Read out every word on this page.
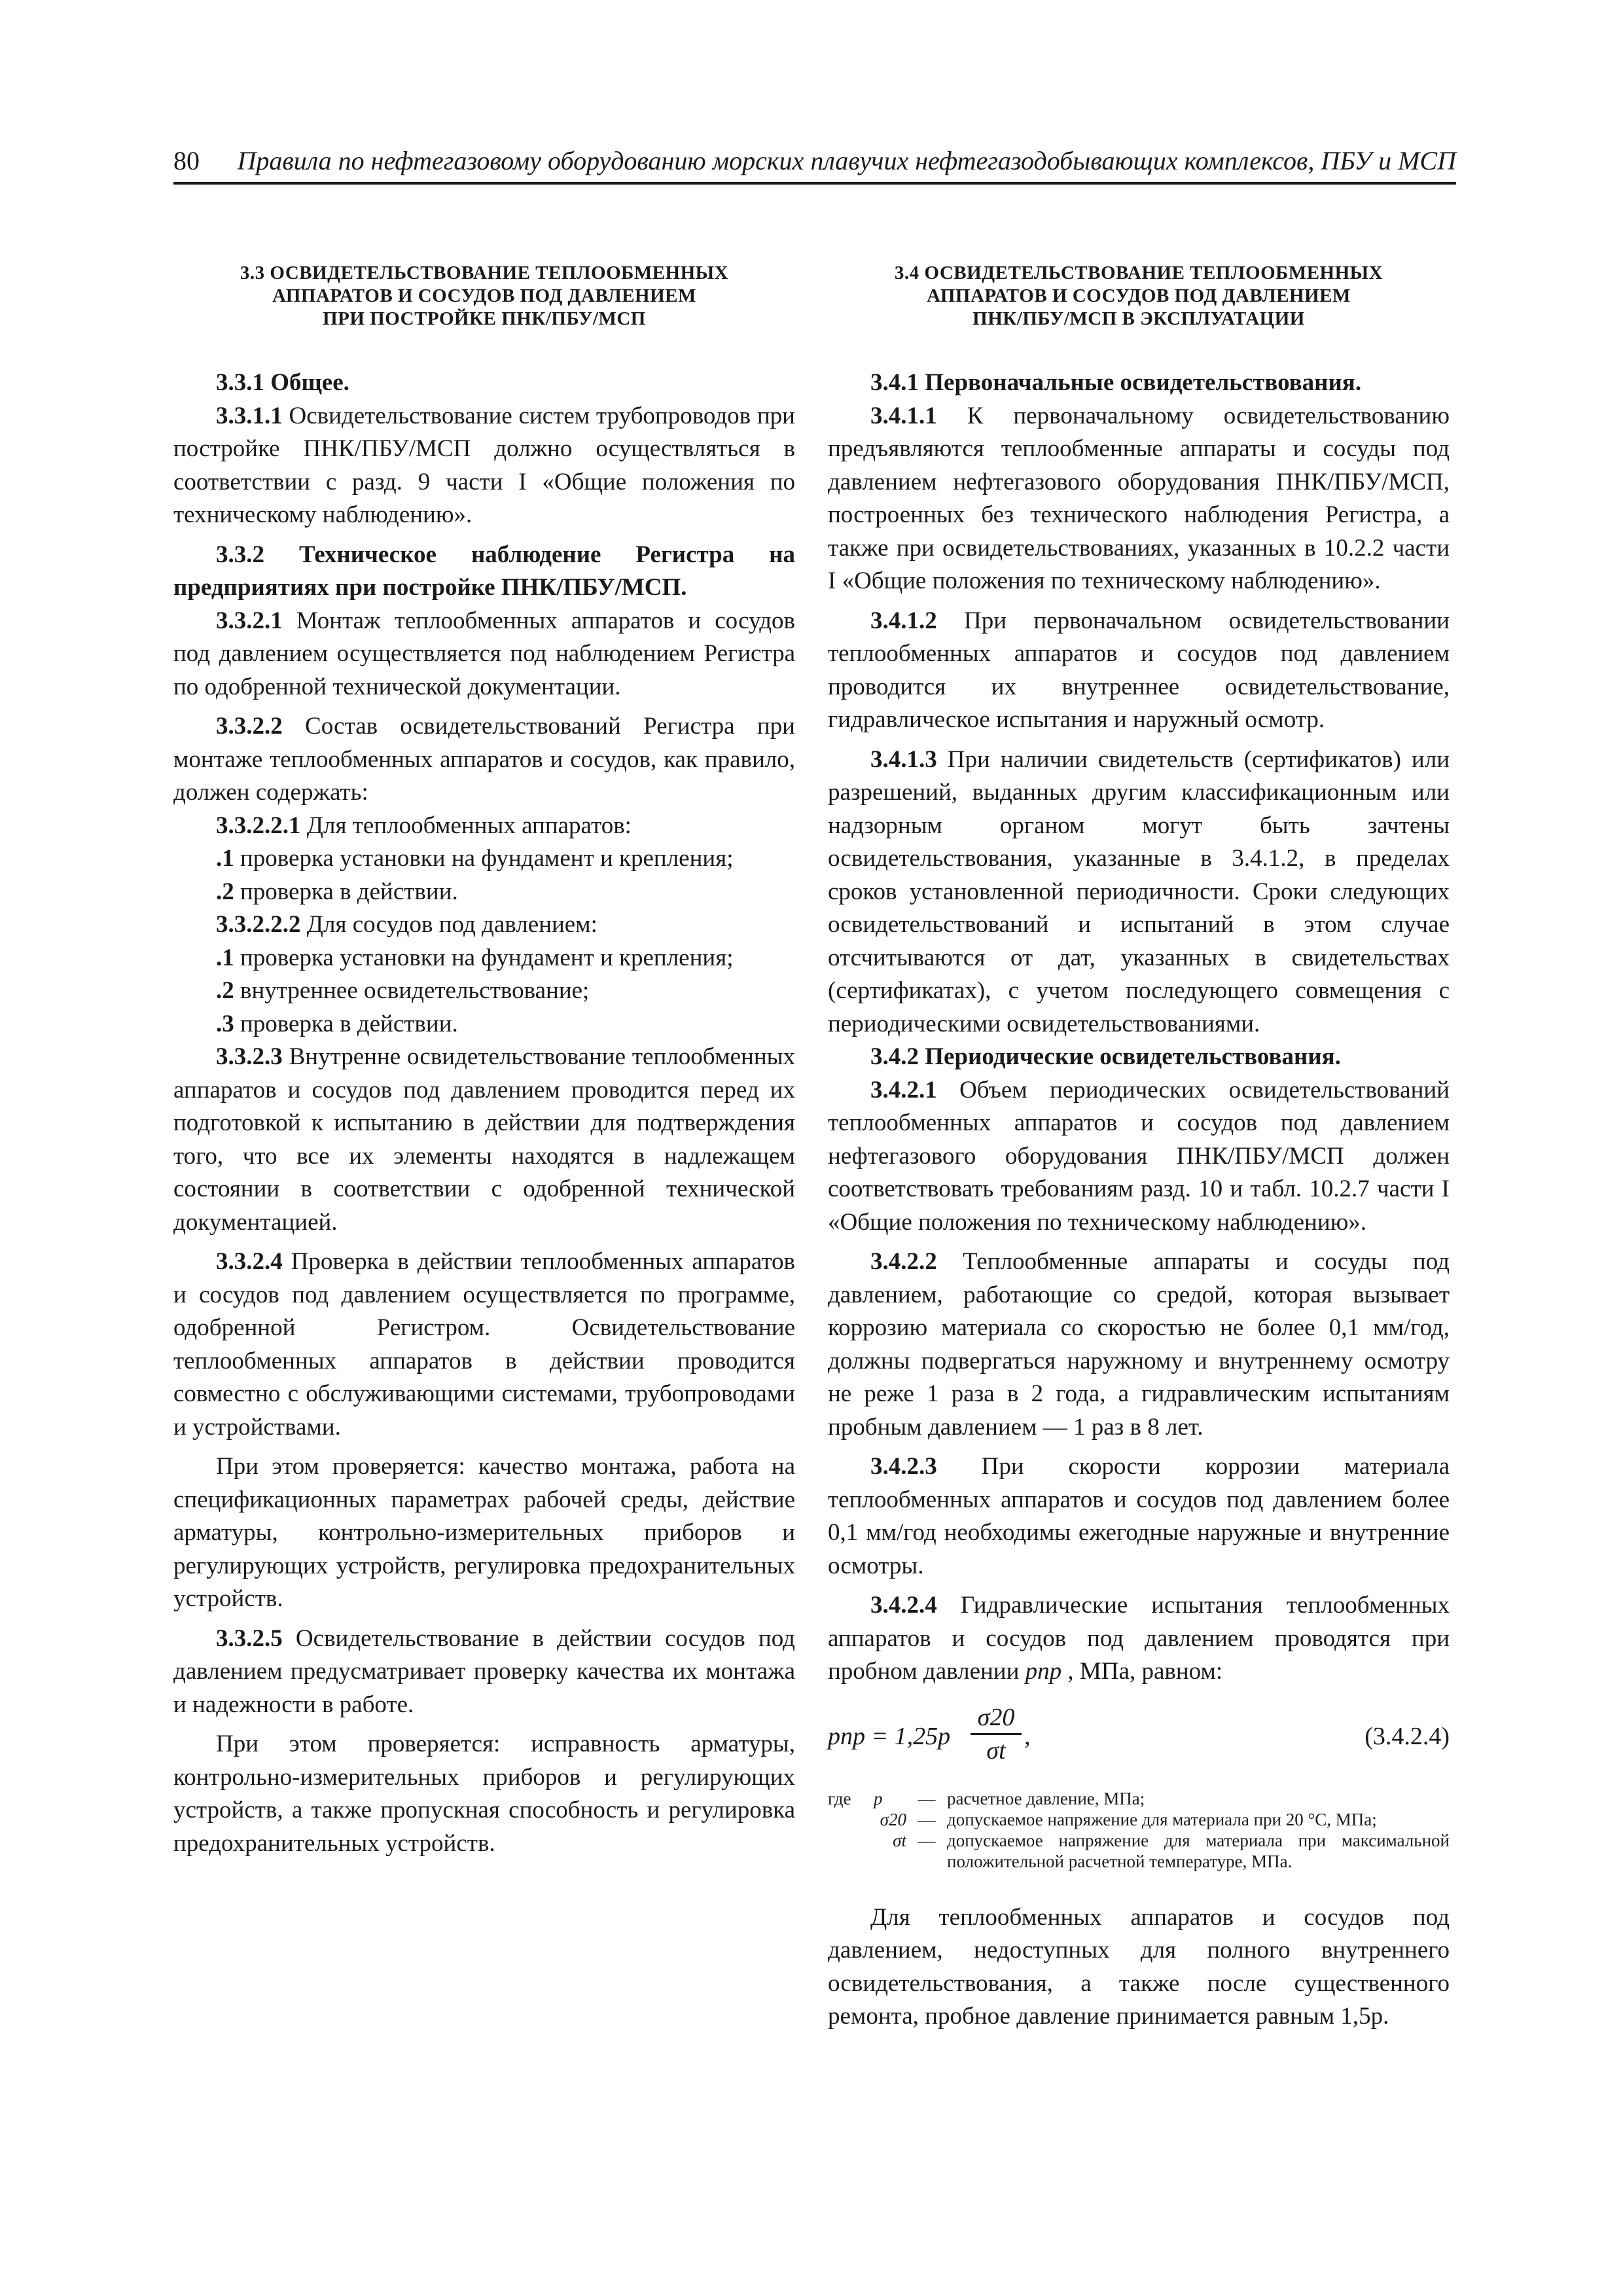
80 Правила по нефтегазовому оборудованию морских плавучих нефтегазодобывающих комплексов, ПБУ и МСП
3.3 ОСВИДЕТЕЛЬСТВОВАНИЕ ТЕПЛООБМЕННЫХ
АППАРАТОВ И СОСУДОВ ПОД ДАВЛЕНИЕМ
ПРИ ПОСТРОЙКЕ ПНК/ПБУ/МСП

3.3.1 Общее.

3.3.1.1 Освидетельствование систем трубопроводов при постройке ПНК/ПБУ/МСП должно осуществляться в соответствии с разд. 9 части I «Общие положения по техническому наблюдению».

3.3.2 Техническое наблюдение Регистра на предприятиях при постройке ПНК/ПБУ/МСП.

3.3.2.1 Монтаж теплообменных аппаратов и сосудов под давлением осуществляется под наблюдением Регистра по одобренной технической документации.

3.3.2.2 Состав освидетельствований Регистра при монтаже теплообменных аппаратов и сосудов, как правило, должен содержать:

3.3.2.2.1 Для теплообменных аппаратов:

.1 проверка установки на фундамент и крепления;

.2 проверка в действии.

3.3.2.2.2 Для сосудов под давлением:

.1 проверка установки на фундамент и крепления;

.2 внутреннее освидетельствование;

.3 проверка в действии.

3.3.2.3 Внутренне освидетельствование теплообменных аппаратов и сосудов под давлением проводится перед их подготовкой к испытанию в действии для подтверждения того, что все их элементы находятся в надлежащем состоянии в соответствии с одобренной технической документацией.

3.3.2.4 Проверка в действии теплообменных аппаратов и сосудов под давлением осуществляется по программе, одобренной Регистром. Освидетельствование теплообменных аппаратов в действии проводится совместно с обслуживающими системами, трубопроводами и устройствами.

При этом проверяется: качество монтажа, работа на спецификационных параметрах рабочей среды, действие арматуры, контрольно-измерительных приборов и регулирующих устройств, регулировка предохранительных устройств.

3.3.2.5 Освидетельствование в действии сосудов под давлением предусматривает проверку качества их монтажа и надежности в работе.

При этом проверяется: исправность арматуры, контрольно-измерительных приборов и регулирующих устройств, а также пропускная способность и регулировка предохранительных устройств.

3.4 ОСВИДЕТЕЛЬСТВОВАНИЕ ТЕПЛООБМЕННЫХ
АППАРАТОВ И СОСУДОВ ПОД ДАВЛЕНИЕМ
ПНК/ПБУ/МСП В ЭКСПЛУАТАЦИИ

3.4.1 Первоначальные освидетельствования.

3.4.1.1 К первоначальному освидетельствованию предъявляются теплообменные аппараты и сосуды под давлением нефтегазового оборудования ПНК/ПБУ/МСП, построенных без технического наблюдения Регистра, а также при освидетельствованиях, указанных в 10.2.2 части I «Общие положения по техническому наблюдению».

3.4.1.2 При первоначальном освидетельствовании теплообменных аппаратов и сосудов под давлением проводится их внутреннее освидетельствование, гидравлическое испытания и наружный осмотр.

3.4.1.3 При наличии свидетельств (сертификатов) или разрешений, выданных другим классификационным или надзорным органом могут быть зачтены освидетельствования, указанные в 3.4.1.2, в пределах сроков установленной периодичности. Сроки следующих освидетельствований и испытаний в этом случае отсчитываются от дат, указанных в свидетельствах (сертификатах), с учетом последующего совмещения с периодическими освидетельствованиями.

3.4.2 Периодические освидетельствования.

3.4.2.1 Объем периодических освидетельствований теплообменных аппаратов и сосудов под давлением нефтегазового оборудования ПНК/ПБУ/МСП должен соответствовать требованиям разд. 10 и табл. 10.2.7 части I «Общие положения по техническому наблюдению».

3.4.2.2 Теплообменные аппараты и сосуды под давлением, работающие со средой, которая вызывает коррозию материала со скоростью не более 0,1 мм/год, должны подвергаться наружному и внутреннему осмотру не реже 1 раза в 2 года, а гидравлическим испытаниям пробным давлением — 1 раз в 8 лет.

3.4.2.3 При скорости коррозии материала теплообменных аппаратов и сосудов под давлением более 0,1 мм/год необходимы ежегодные наружные и внутренние осмотры.

3.4.2.4 Гидравлические испытания теплообменных аппаратов и сосудов под давлением проводятся при пробном давлении pпр , МПа, равном:

pпр = 1,25p
σ20
σt
,	(3.4.2.4)
где	p	— расчетное давление, МПа;
σ20 — допускаемое напряжение для материала при 20 °С, МПа;
σt — допускаемое напряжение для материала при максимальной положительной расчетной температуре, МПа.

Для теплообменных аппаратов и сосудов под давлением, недоступных для полного внутреннего освидетельствования, а также после существенного ремонта, пробное давление принимается равным 1,5p.
